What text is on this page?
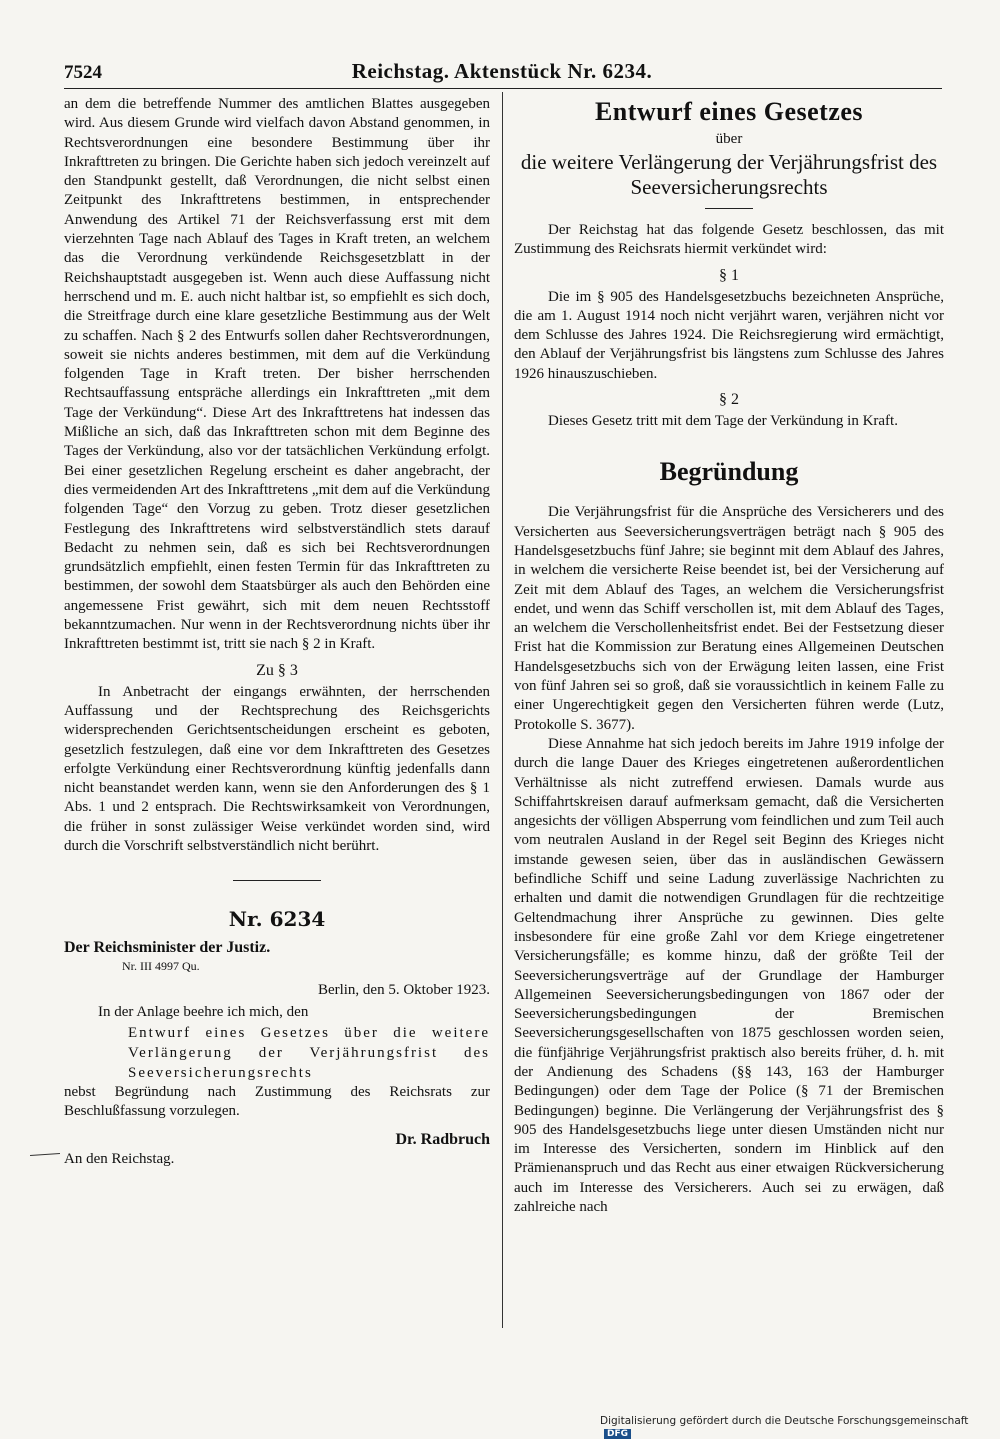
7524	Reichstag. Aktenstück Nr. 6234.

an dem die betreffende Nummer des amtlichen Blattes ausgegeben wird. Aus diesem Grunde wird vielfach davon Abstand genommen, in Rechtsverordnungen eine besondere Bestimmung über ihr Inkrafttreten zu bringen. Die Gerichte haben sich jedoch vereinzelt auf den Standpunkt gestellt, daß Verordnungen, die nicht selbst einen Zeitpunkt des Inkrafttretens bestimmen, in entsprechender Anwendung des Artikel 71 der Reichsverfassung erst mit dem vierzehnten Tage nach Ablauf des Tages in Kraft treten, an welchem das die Verordnung verkündende Reichsgesetzblatt in der Reichshauptstadt ausgegeben ist. Wenn auch diese Auffassung nicht herrschend und m. E. auch nicht haltbar ist, so empfiehlt es sich doch, die Streitfrage durch eine klare gesetzliche Bestimmung aus der Welt zu schaffen. Nach § 2 des Entwurfs sollen daher Rechtsverordnungen, soweit sie nichts anderes bestimmen, mit dem auf die Verkündung folgenden Tage in Kraft treten. Der bisher herrschenden Rechtsauffassung entspräche allerdings ein Inkrafttreten „mit dem Tage der Verkündung“. Diese Art des Inkrafttretens hat indessen das Mißliche an sich, daß das Inkrafttreten schon mit dem Beginne des Tages der Verkündung, also vor der tatsächlichen Verkündung erfolgt. Bei einer gesetzlichen Regelung erscheint es daher angebracht, der dies vermeidenden Art des Inkrafttretens „mit dem auf die Verkündung folgenden Tage“ den Vorzug zu geben. Trotz dieser gesetzlichen Festlegung des Inkrafttretens wird selbstverständlich stets darauf Bedacht zu nehmen sein, daß es sich bei Rechtsverordnungen grundsätzlich empfiehlt, einen festen Termin für das Inkrafttreten zu bestimmen, der sowohl dem Staatsbürger als auch den Behörden eine angemessene Frist gewährt, sich mit dem neuen Rechtsstoff bekanntzumachen. Nur wenn in der Rechtsverordnung nichts über ihr Inkrafttreten bestimmt ist, tritt sie nach § 2 in Kraft.

Zu § 3

In Anbetracht der eingangs erwähnten, der herrschenden Auffassung und der Rechtsprechung des Reichsgerichts widersprechenden Gerichtsentscheidungen erscheint es geboten, gesetzlich festzulegen, daß eine vor dem Inkrafttreten des Gesetzes erfolgte Verkündung einer Rechtsverordnung künftig jedenfalls dann nicht beanstandet werden kann, wenn sie den Anforderungen des § 1 Abs. 1 und 2 entsprach. Die Rechtswirksamkeit von Verordnungen, die früher in sonst zulässiger Weise verkündet worden sind, wird durch die Vorschrift selbstverständlich nicht berührt.

Nr. 6234

Der Reichsminister der Justiz.

Nr. III 4997 Qu.

Berlin, den 5. Oktober 1923.

In der Anlage beehre ich mich, den

Entwurf eines Gesetzes über die weitere Verlängerung der Verjährungsfrist des Seeversicherungsrechts

nebst Begründung nach Zustimmung des Reichsrats zur Beschlußfassung vorzulegen.

Dr. Radbruch

An den Reichstag.

Entwurf eines Gesetzes

über

die weitere Verlängerung der Verjährungsfrist des Seeversicherungsrechts

Der Reichstag hat das folgende Gesetz beschlossen, das mit Zustimmung des Reichsrats hiermit verkündet wird:

§ 1

Die im § 905 des Handelsgesetzbuchs bezeichneten Ansprüche, die am 1. August 1914 noch nicht verjährt waren, verjähren nicht vor dem Schlusse des Jahres 1924. Die Reichsregierung wird ermächtigt, den Ablauf der Verjährungsfrist bis längstens zum Schlusse des Jahres 1926 hinauszuschieben.

§ 2

Dieses Gesetz tritt mit dem Tage der Verkündung in Kraft.

Begründung

Die Verjährungsfrist für die Ansprüche des Versicherers und des Versicherten aus Seeversicherungsverträgen beträgt nach § 905 des Handelsgesetzbuchs fünf Jahre; sie beginnt mit dem Ablauf des Jahres, in welchem die versicherte Reise beendet ist, bei der Versicherung auf Zeit mit dem Ablauf des Tages, an welchem die Versicherungsfrist endet, und wenn das Schiff verschollen ist, mit dem Ablauf des Tages, an welchem die Verschollenheitsfrist endet. Bei der Festsetzung dieser Frist hat die Kommission zur Beratung eines Allgemeinen Deutschen Handelsgesetzbuchs sich von der Erwägung leiten lassen, eine Frist von fünf Jahren sei so groß, daß sie voraussichtlich in keinem Falle zu einer Ungerechtigkeit gegen den Versicherten führen werde (Lutz, Protokolle S. 3677).

Diese Annahme hat sich jedoch bereits im Jahre 1919 infolge der durch die lange Dauer des Krieges eingetretenen außerordentlichen Verhältnisse als nicht zutreffend erwiesen. Damals wurde aus Schiffahrtskreisen darauf aufmerksam gemacht, daß die Versicherten angesichts der völligen Absperrung vom feindlichen und zum Teil auch vom neutralen Ausland in der Regel seit Beginn des Krieges nicht imstande gewesen seien, über das in ausländischen Gewässern befindliche Schiff und seine Ladung zuverlässige Nachrichten zu erhalten und damit die notwendigen Grundlagen für die rechtzeitige Geltendmachung ihrer Ansprüche zu gewinnen. Dies gelte insbesondere für eine große Zahl vor dem Kriege eingetretener Versicherungsfälle; es komme hinzu, daß der größte Teil der Seeversicherungsverträge auf der Grundlage der Hamburger Allgemeinen Seeversicherungsbedingungen von 1867 oder der Seeversicherungsbedingungen der Bremischen Seeversicherungsgesellschaften von 1875 geschlossen worden seien, die fünfjährige Verjährungsfrist praktisch also bereits früher, d. h. mit der Andienung des Schadens (§§ 143, 163 der Hamburger Bedingungen) oder dem Tage der Police (§ 71 der Bremischen Bedingungen) beginne. Die Verlängerung der Verjährungsfrist des § 905 des Handelsgesetzbuchs liege unter diesen Umständen nicht nur im Interesse des Versicherten, sondern im Hinblick auf den Prämienanspruch und das Recht aus einer etwaigen Rückversicherung auch im Interesse des Versicherers. Auch sei zu erwägen, daß zahlreiche nach

Digitalisierung gefördert durch die Deutsche Forschungsgemeinschaft DFG
